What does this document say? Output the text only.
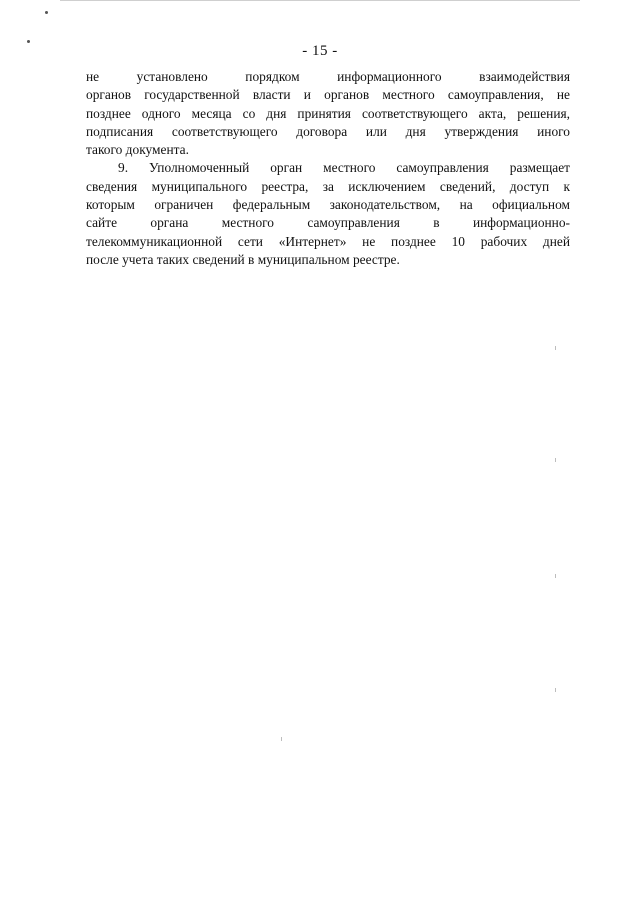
- 15 -
не установлено порядком информационного взаимодействия
органов государственной власти и органов местного самоуправления, не
позднее одного месяца со дня принятия соответствующего акта, решения,
подписания соответствующего договора или дня утверждения иного
такого документа.
9. Уполномоченный орган местного самоуправления размещает
сведения муниципального реестра, за исключением сведений, доступ к
которым ограничен федеральным законодательством, на официальном
сайте органа местного самоуправления в информационно-
телекоммуникационной сети «Интернет» не позднее 10 рабочих дней
после учета таких сведений в муниципальном реестре.
